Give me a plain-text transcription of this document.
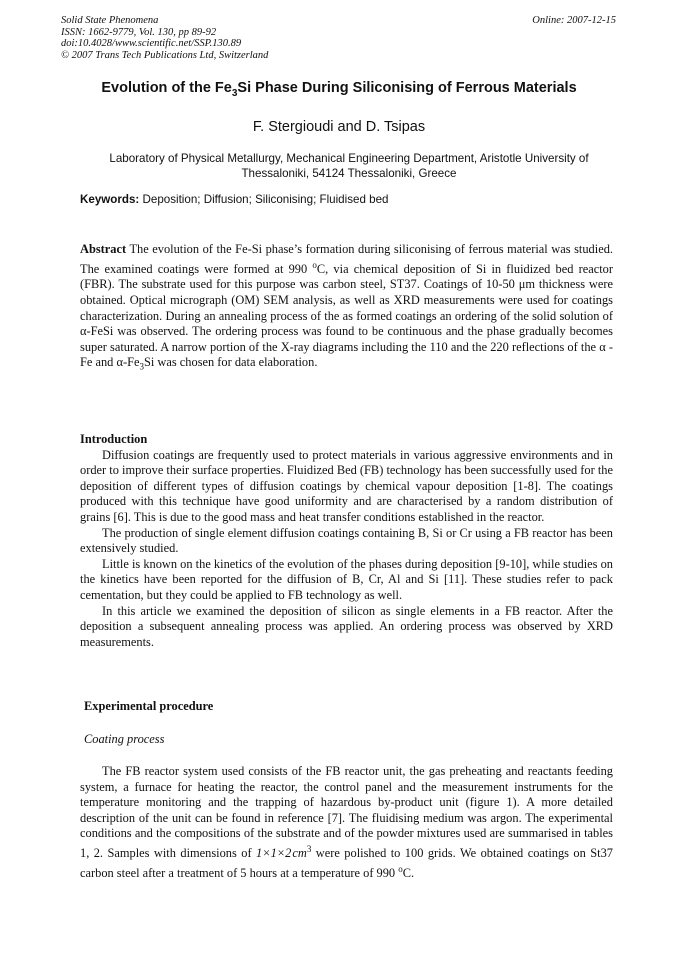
Solid State Phenomena
ISSN: 1662-9779, Vol. 130, pp 89-92
doi:10.4028/www.scientific.net/SSP.130.89
© 2007 Trans Tech Publications Ltd, Switzerland
Online: 2007-12-15
Evolution of the $Fe_3Si$ Phase During Siliconising of Ferrous Materials
F. Stergioudi and D. Tsipas
Laboratory of Physical Metallurgy, Mechanical Engineering Department, Aristotle University of Thessaloniki, 54124 Thessaloniki, Greece
Keywords: Deposition; Diffusion; Siliconising; Fluidised bed
Abstract The evolution of the Fe-Si phase’s formation during siliconising of ferrous material was studied. The examined coatings were formed at 990 $^o$C, via chemical deposition of Si in fluidized bed reactor (FBR). The substrate used for this purpose was carbon steel, ST37. Coatings of 10-50 μm thickness were obtained. Optical micrograph (OM) SEM analysis, as well as XRD measurements were used for coatings characterization. During an annealing process of the as formed coatings an ordering of the solid solution of α-FeSi was observed. The ordering process was found to be continuous and the phase gradually becomes super saturated. A narrow portion of the X-ray diagrams including the 110 and the 220 reflections of the α -Fe and $\alpha-Fe_3Si$ was chosen for data elaboration.
Introduction
Diffusion coatings are frequently used to protect materials in various aggressive environments and in order to improve their surface properties. Fluidized Bed (FB) technology has been successfully used for the deposition of different types of diffusion coatings by chemical vapour deposition [1-8]. The coatings produced with this technique have good uniformity and are characterised by a random distribution of grains [6]. This is due to the good mass and heat transfer conditions established in the reactor.
The production of single element diffusion coatings containing B, Si or Cr using a FB reactor has been extensively studied.
Little is known on the kinetics of the evolution of the phases during deposition [9-10], while studies on the kinetics have been reported for the diffusion of B, Cr, Al and Si [11]. These studies refer to pack cementation, but they could be applied to FB technology as well.
In this article we examined the deposition of silicon as single elements in a FB reactor. After the deposition a subsequent annealing process was applied. An ordering process was observed by XRD measurements.
Experimental procedure
Coating process
The FB reactor system used consists of the FB reactor unit, the gas preheating and reactants feeding system, a furnace for heating the reactor, the control panel and the measurement instruments for the temperature monitoring and the trapping of hazardous by-product unit (figure 1). A more detailed description of the unit can be found in reference [7]. The fluidising medium was argon. The experimental conditions and the compositions of the substrate and of the powder mixtures used are summarised in tables 1, 2. Samples with dimensions of 1×1×2 $cm^3$ were polished to 100 grids. We obtained coatings on St37 carbon steel after a treatment of 5 hours at a temperature of 990 $^o$C.
